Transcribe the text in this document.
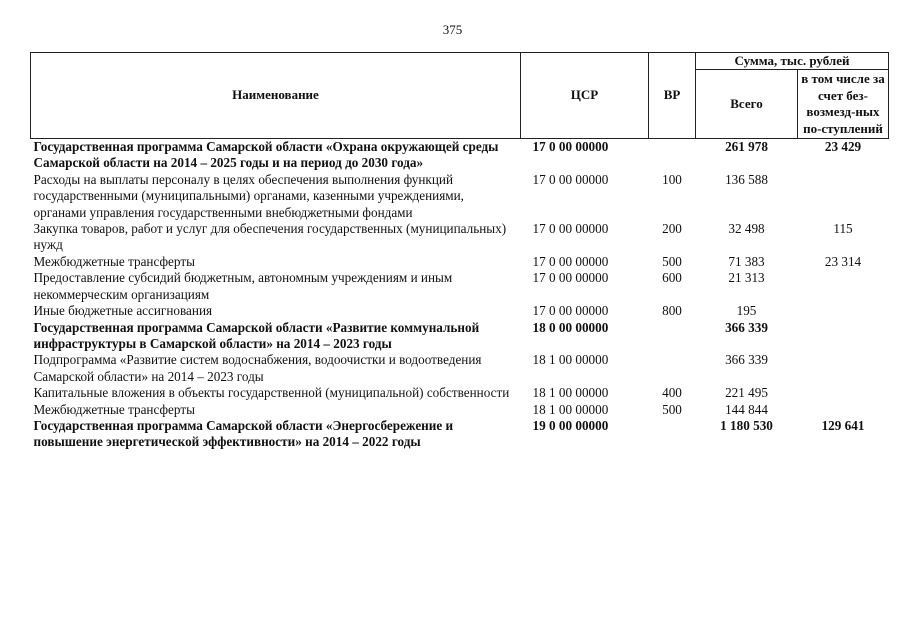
375
Наименование	ЦСР	ВР	Сумма, тыс. рублей	
			Всего	в том числе за счет без-возмезд-ных по-ступлений
Государственная программа Самарской области «Охрана окружающей среды Самарской области на 2014 – 2025 годы и на период до 2030 года»	17 0 00 00000		261 978	23 429
Расходы на выплаты персоналу в целях обеспечения выполнения функций государственными (муниципальными) органами, казенными учреждениями, органами управления государственными внебюджетными фондами	17 0 00 00000	100	136 588	
Закупка товаров, работ и услуг для обеспечения государственных (муниципальных) нужд	17 0 00 00000	200	32 498	115
Межбюджетные трансферты	17 0 00 00000	500	71 383	23 314
Предоставление субсидий бюджетным, автономным учреждениям и иным некоммерческим организациям	17 0 00 00000	600	21 313	
Иные бюджетные ассигнования	17 0 00 00000	800	195	
Государственная программа Самарской области «Развитие коммунальной инфраструктуры в Самарской области» на 2014 – 2023 годы	18 0 00 00000		366 339	
Подпрограмма «Развитие систем водоснабжения, водоочистки и водоотведения Самарской области» на 2014 – 2023 годы	18 1 00 00000		366 339	
Капитальные вложения в объекты государственной (муниципальной) собственности	18 1 00 00000	400	221 495	
Межбюджетные трансферты	18 1 00 00000	500	144 844	
Государственная программа Самарской области «Энергосбережение и повышение энергетической эффективности» на 2014 – 2022 годы	19 0 00 00000		1 180 530	129 641
